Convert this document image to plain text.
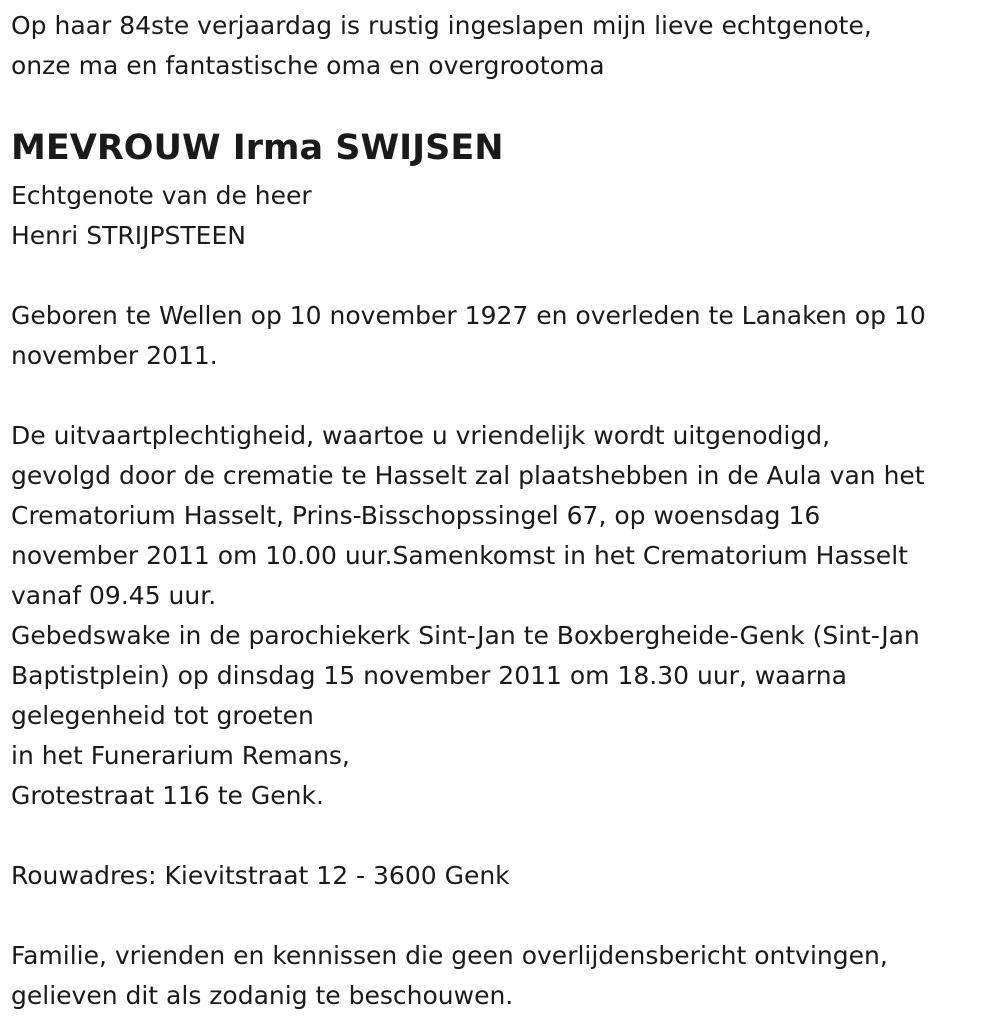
Op haar 84ste verjaardag is rustig ingeslapen mijn lieve echtgenote,
onze ma en fantastische oma en overgrootoma
MEVROUW Irma SWIJSEN
Echtgenote van de heer
Henri STRIJPSTEEN
Geboren te Wellen op 10 november 1927 en overleden te Lanaken op 10
november 2011.
De uitvaartplechtigheid, waartoe u vriendelijk wordt uitgenodigd,
gevolgd door de crematie te Hasselt zal plaatshebben in de Aula van het
Crematorium Hasselt, Prins-Bisschopssingel 67, op woensdag 16
november 2011 om 10.00 uur.Samenkomst in het Crematorium Hasselt
vanaf 09.45 uur.
Gebedswake in de parochiekerk Sint-Jan te Boxbergheide-Genk (Sint-Jan
Baptistplein) op dinsdag 15 november 2011 om 18.30 uur, waarna
gelegenheid tot groeten
in het Funerarium Remans,
Grotestraat 116 te Genk.
Rouwadres: Kievitstraat 12 - 3600 Genk
Familie, vrienden en kennissen die geen overlijdensbericht ontvingen,
gelieven dit als zodanig te beschouwen.
